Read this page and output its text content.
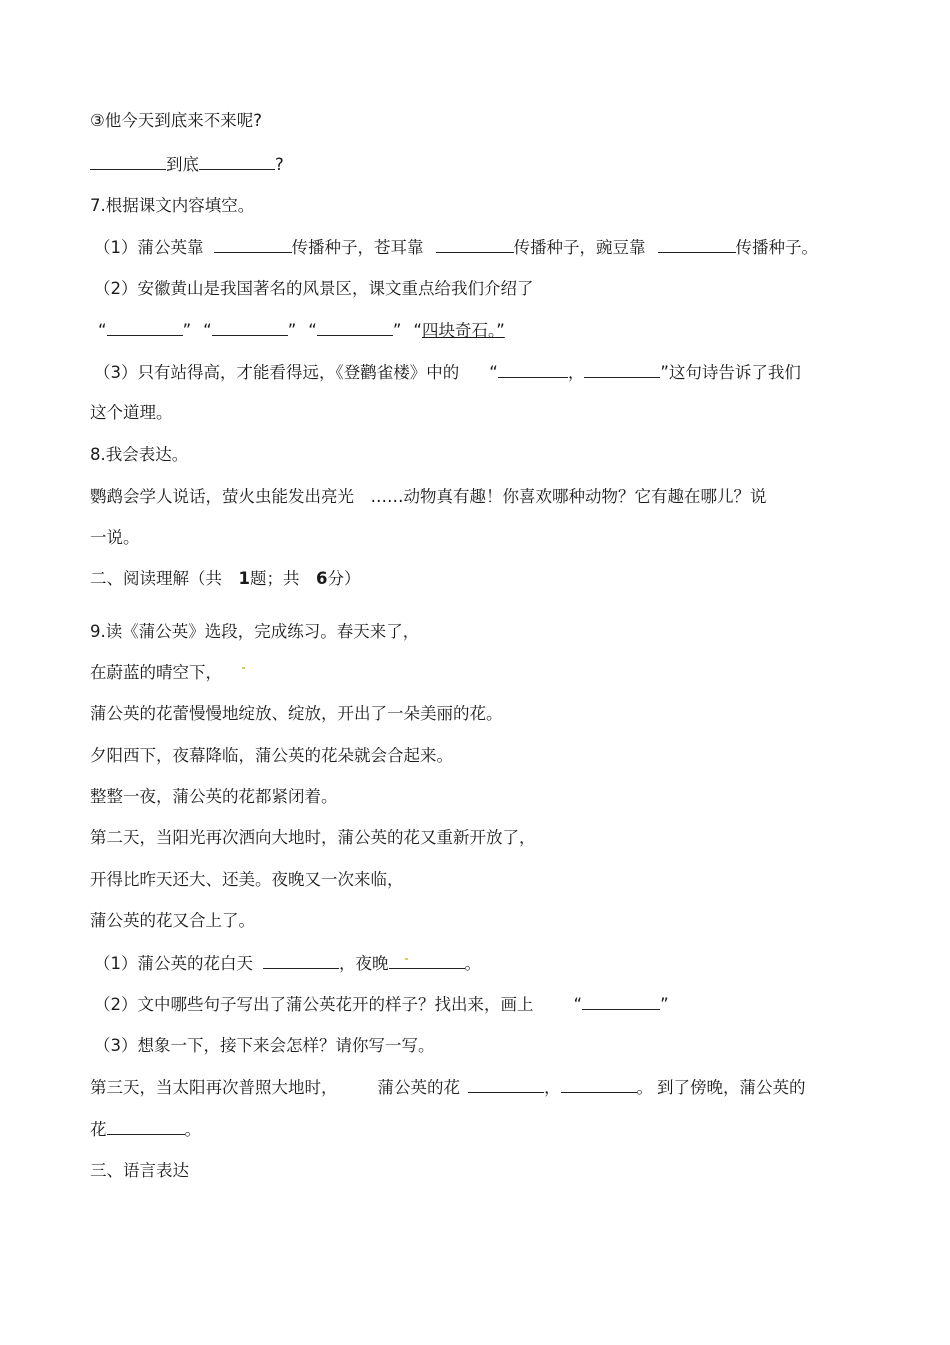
③他今天到底来不来呢?
到底	?
7.根据课文内容填空。
（1）蒲公英靠	传播种子，苍耳靠	传播种子，豌豆靠	传播种子。
（2）安徽黄山是我国著名的风景区，课文重点给我们介绍了
“	” “	” “	” “四块奇石。”
（3）只有站得高，才能看得远，《登鹳雀楼》中的 “	，	”这句诗告诉了我们
这个道理。
8.我会表达。
鹦鹉会学人说话，萤火虫能发出亮光　……动物真有趣！你喜欢哪种动物？它有趣在哪儿？说
一说。
二、阅读理解（共　1题；共　6分）
9.读《蒲公英》选段，完成练习。春天来了，
在蔚蓝的晴空下，
蒲公英的花蕾慢慢地绽放、绽放，开出了一朵美丽的花。
夕阳西下，夜幕降临，蒲公英的花朵就会合起来。
整整一夜，蒲公英的花都紧闭着。
第二天，当阳光再次洒向大地时，蒲公英的花又重新开放了，
开得比昨天还大、还美。夜晚又一次来临，
蒲公英的花又合上了。
（1）蒲公英的花白天	，夜晚	。
（2）文中哪些句子写出了蒲公英花开的样子？找出来，画上 “	”
（3）想象一下，接下来会怎样？请你写一写。
第三天，当太阳再次普照大地时， 蒲公英的花	，	。 到了傍晚，蒲公英的
花	。
三、语言表达
